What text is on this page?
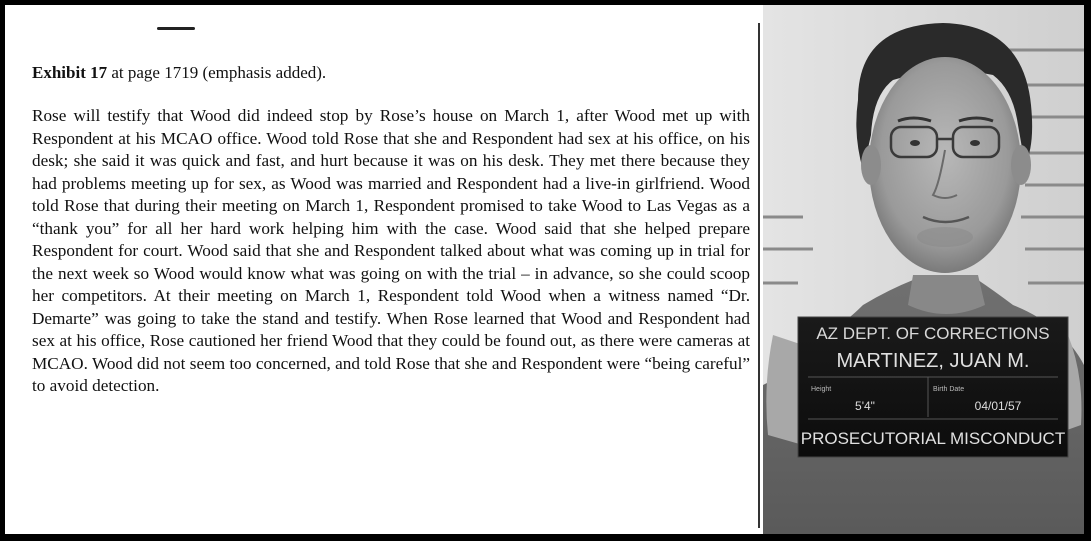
Exhibit 17 at page 1719 (emphasis added).

Rose will testify that Wood did indeed stop by Rose’s house on March 1, after Wood met up with Respondent at his MCAO office. Wood told Rose that she and Respondent had sex at his office, on his desk; she said it was quick and fast, and hurt because it was on his desk. They met there because they had problems meeting up for sex, as Wood was married and Respondent had a live-in girlfriend. Wood told Rose that during their meeting on March 1, Respondent promised to take Wood to Las Vegas as a “thank you” for all her hard work helping him with the case. Wood said that she helped prepare Respondent for court. Wood said that she and Respondent talked about what was coming up in trial for the next week so Wood would know what was going on with the trial – in advance, so she could scoop her competitors. At their meeting on March 1, Respondent told Wood when a witness named “Dr. Demarte” was going to take the stand and testify. When Rose learned that Wood and Respondent had sex at his office, Rose cautioned her friend Wood that they could be found out, as there were cameras at MCAO. Wood did not seem too concerned, and told Rose that she and Respondent were “being careful” to avoid detection.

AZ DEPT. OF CORRECTIONS
MARTINEZ, JUAN M.
Height
5'4"
Birth Date
04/01/57
PROSECUTORIAL MISCONDUCT
